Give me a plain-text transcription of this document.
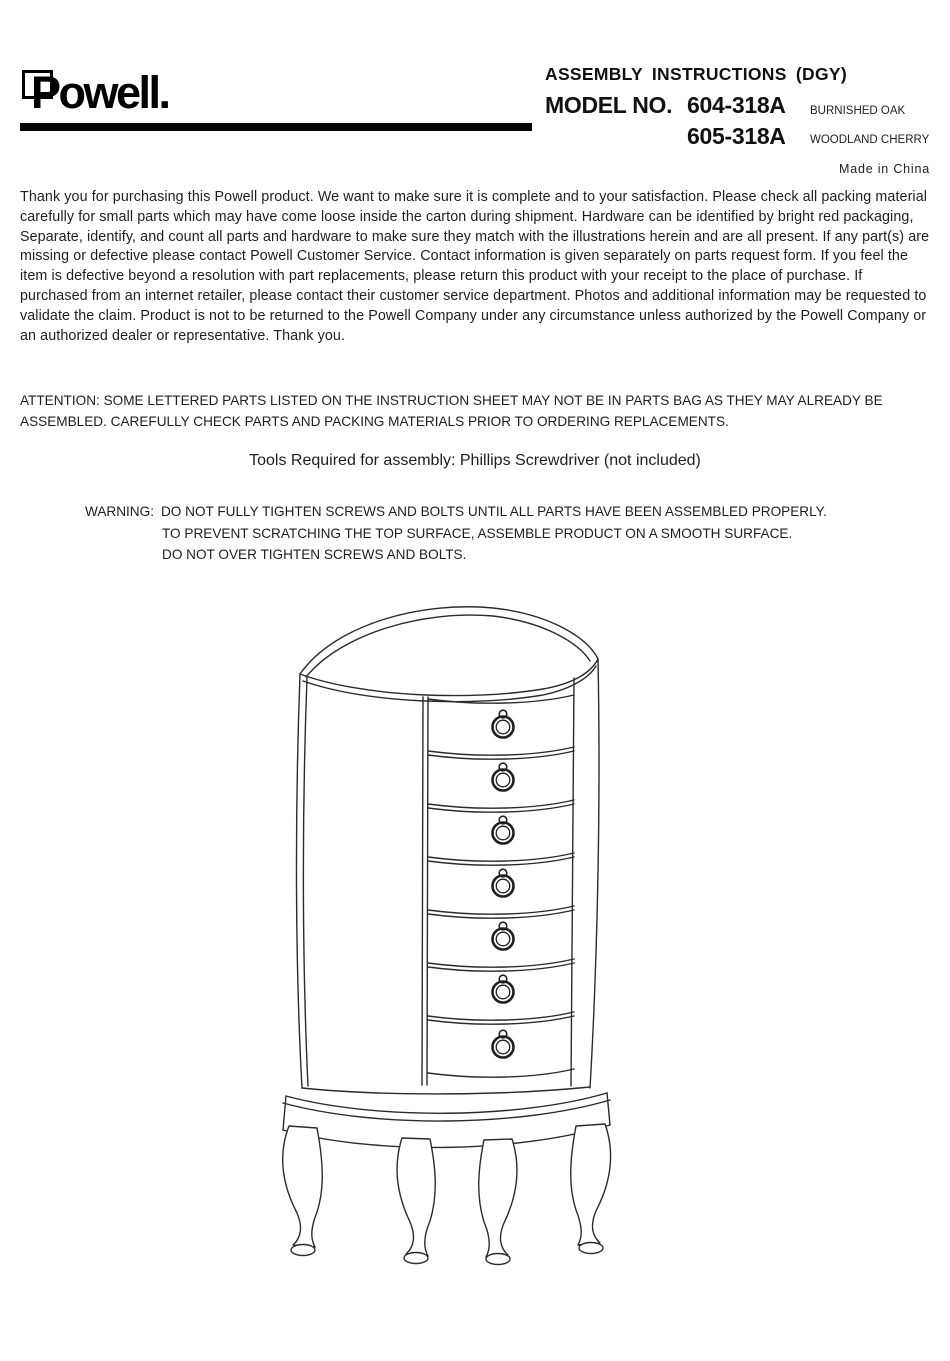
Powell.	ASSEMBLY INSTRUCTIONS (DGY)
MODEL NO. 604-318A BURNISHED OAK
605-318A WOODLAND CHERRY
Made in China

Thank you for purchasing this Powell product. We want to make sure it is complete and to your satisfaction. Please check all packing material carefully for small parts which may have come loose inside the carton during shipment. Hardware can be identified by bright red packaging, Separate, identify, and count all parts and hardware to make sure they match with the illustrations herein and are all present. If any part(s) are missing or defective please contact Powell Customer Service. Contact information is given separately on parts request form. If you feel the item is defective beyond a resolution with part replacements, please return this product with your receipt to the place of purchase. If purchased from an internet retailer, please contact their customer service department. Photos and additional information may be requested to validate the claim. Product is not to be returned to the Powell Company under any circumstance unless authorized by the Powell Company or an authorized dealer or representative. Thank you.

ATTENTION: SOME LETTERED PARTS LISTED ON THE INSTRUCTION SHEET MAY NOT BE IN PARTS BAG AS THEY MAY ALREADY BE ASSEMBLED. CAREFULLY CHECK PARTS AND PACKING MATERIALS PRIOR TO ORDERING REPLACEMENTS.

Tools Required for assembly: Phillips Screwdriver (not included)

WARNING: DO NOT FULLY TIGHTEN SCREWS AND BOLTS UNTIL ALL PARTS HAVE BEEN ASSEMBLED PROPERLY.
TO PREVENT SCRATCHING THE TOP SURFACE, ASSEMBLE PRODUCT ON A SMOOTH SURFACE.
DO NOT OVER TIGHTEN SCREWS AND BOLTS.
